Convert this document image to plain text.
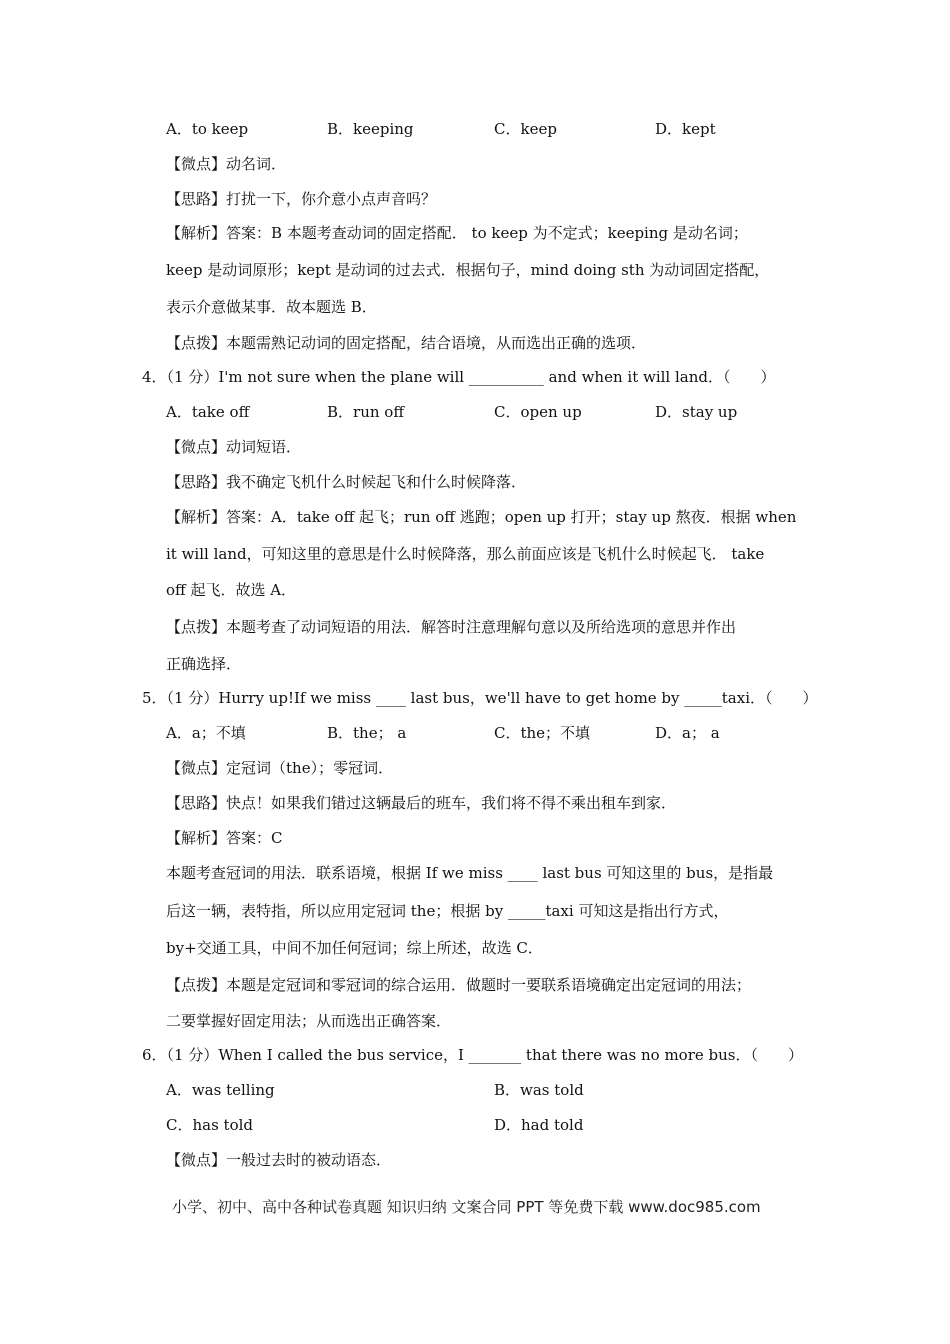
A．to keep	B．keeping	C．keep	D．kept
【微点】动名词．
【思路】打扰一下，你介意小点声音吗？
【解析】答案：B 本题考查动词的固定搭配． to keep 为不定式；keeping 是动名词；
keep 是动词原形；kept 是动词的过去式．根据句子，mind doing sth 为动词固定搭配，
表示介意做某事．故本题选 B．
【点拨】本题需熟记动词的固定搭配，结合语境，从而选出正确的选项．
4．（1 分）I'm not sure when the plane will __________ and when it will land．（　　）
A．take off	B．run off	C．open up	D．stay up
【微点】动词短语．
【思路】我不确定飞机什么时候起飞和什么时候降落．
【解析】答案：A．take off 起飞；run off 逃跑；open up 打开；stay up 熬夜．根据 when
it will land，可知这里的意思是什么时候降落，那么前面应该是飞机什么时候起飞． take
off 起飞．故选 A．
【点拨】本题考查了动词短语的用法．解答时注意理解句意以及所给选项的意思并作出
正确选择．
5．（1 分）Hurry up!If we miss ____ last bus，we'll have to get home by _____taxi．（　　）
A．a；不填	B．the； a	C．the；不填	D．a； a
【微点】定冠词（the）；零冠词．
【思路】快点！如果我们错过这辆最后的班车，我们将不得不乘出租车到家．
【解析】答案：C
本题考查冠词的用法．联系语境，根据 If we miss ____ last bus 可知这里的 bus，是指最
后这一辆，表特指，所以应用定冠词 the；根据 by _____taxi 可知这是指出行方式，
by+交通工具，中间不加任何冠词；综上所述，故选 C．
【点拨】本题是定冠词和零冠词的综合运用．做题时一要联系语境确定出定冠词的用法；
二要掌握好固定用法；从而选出正确答案．
6．（1 分）When I called the bus service，I _______ that there was no more bus．（　　）
A．was telling	B．was told
C．has told	D．had told
【微点】一般过去时的被动语态．
小学、初中、高中各种试卷真题 知识归纳 文案合同 PPT 等免费下载 www.doc985.com
